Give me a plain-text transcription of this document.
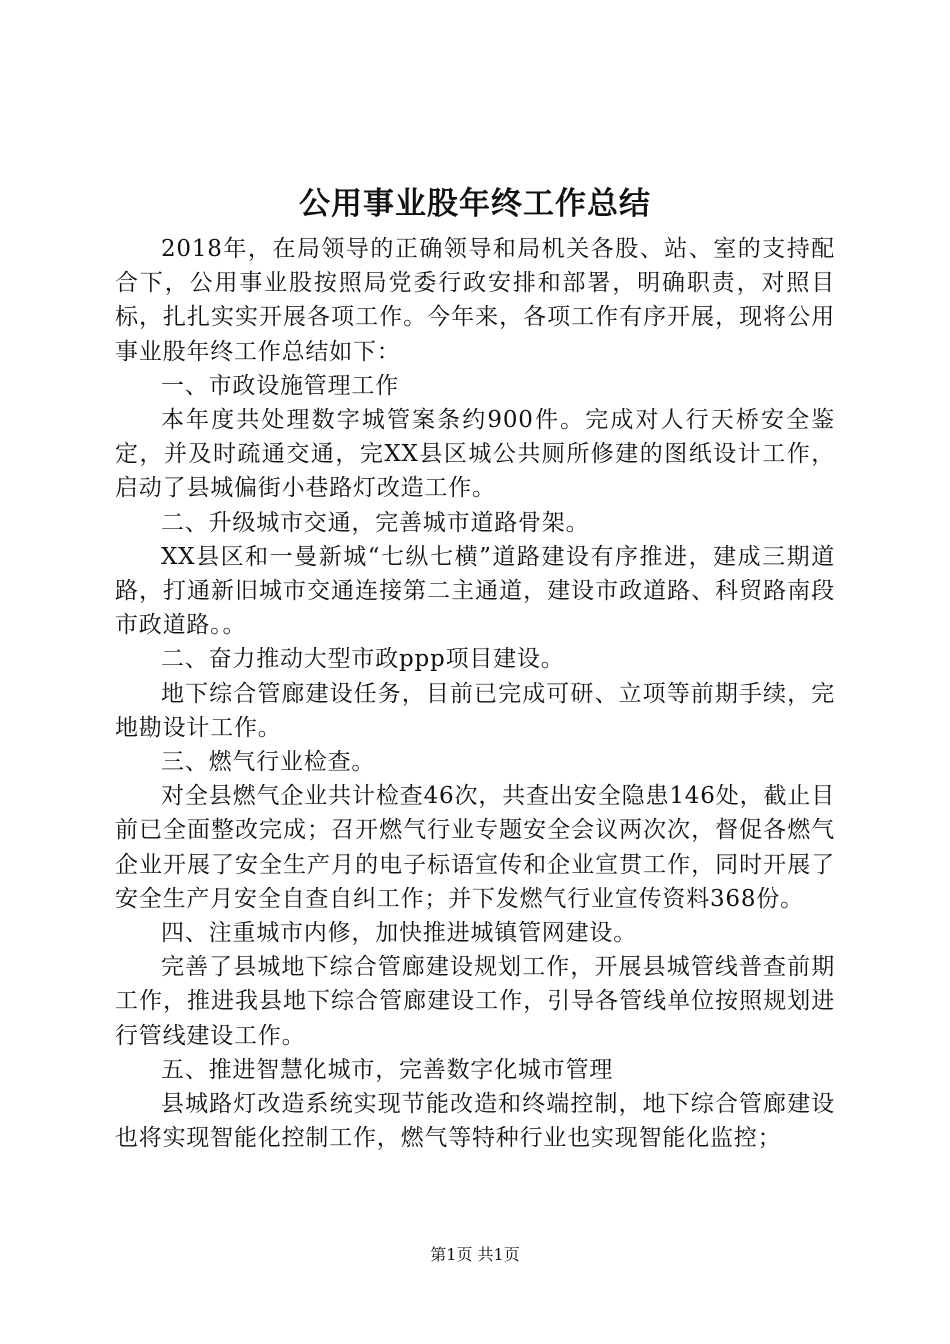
公用事业股年终工作总结

2018年，在局领导的正确领导和局机关各股、站、室的支持配合下，公用事业股按照局党委行政安排和部署，明确职责，对照目标，扎扎实实开展各项工作。今年来，各项工作有序开展，现将公用事业股年终工作总结如下：

一、市政设施管理工作

本年度共处理数字城管案条约900件。完成对人行天桥安全鉴定，并及时疏通交通，完XX县区城公共厕所修建的图纸设计工作，启动了县城偏街小巷路灯改造工作。

二、升级城市交通，完善城市道路骨架。

XX县区和一曼新城“七纵七横”道路建设有序推进，建成三期道路，打通新旧城市交通连接第二主通道，建设市政道路、科贸路南段市政道路。。

二、奋力推动大型市政ppp项目建设。

地下综合管廊建设任务，目前已完成可研、立项等前期手续，完地勘设计工作。

三、燃气行业检查。

对全县燃气企业共计检查46次，共查出安全隐患146处，截止目前已全面整改完成；召开燃气行业专题安全会议两次次，督促各燃气企业开展了安全生产月的电子标语宣传和企业宣贯工作，同时开展了安全生产月安全自查自纠工作；并下发燃气行业宣传资料368份。

四、注重城市内修，加快推进城镇管网建设。

完善了县城地下综合管廊建设规划工作，开展县城管线普查前期工作，推进我县地下综合管廊建设工作，引导各管线单位按照规划进行管线建设工作。

五、推进智慧化城市，完善数字化城市管理

县城路灯改造系统实现节能改造和终端控制，地下综合管廊建设也将实现智能化控制工作，燃气等特种行业也实现智能化监控；

第1页 共1页
